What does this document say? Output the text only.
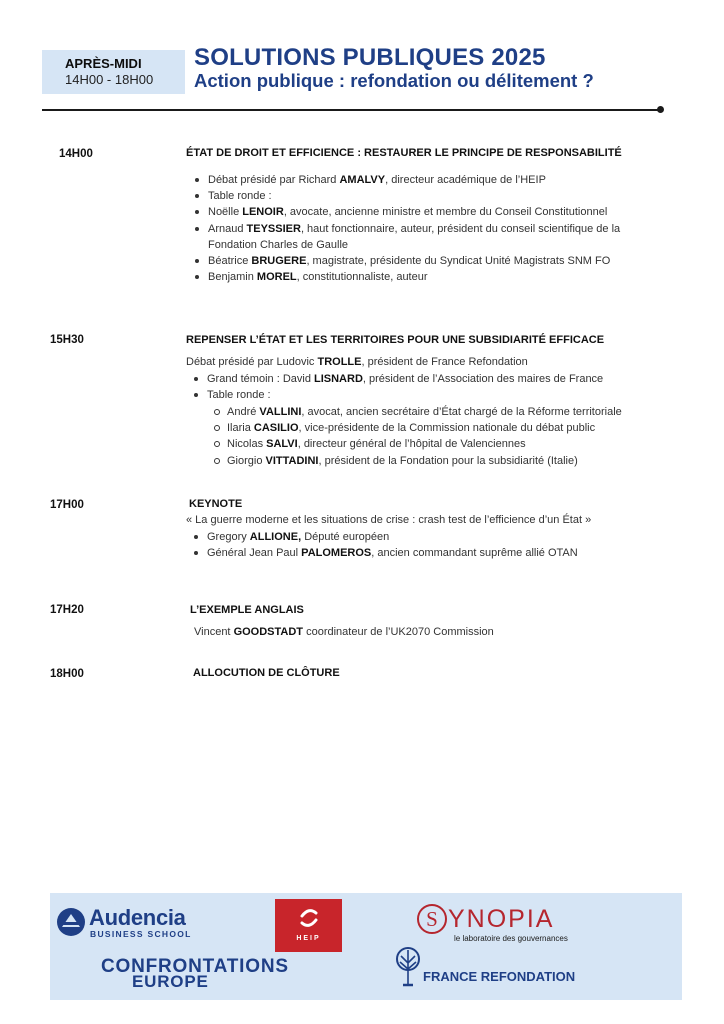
APRÈS-MIDI
14H00 - 18H00
SOLUTIONS PUBLIQUES 2025
Action publique : refondation ou délitement ?
14H00	ÉTAT DE DROIT ET EFFICIENCE : RESTAURER LE PRINCIPE DE RESPONSABILITÉ
Débat présidé par Richard AMALVY, directeur académique de l’HEIP
Table ronde :
Noëlle LENOIR, avocate, ancienne ministre et membre du Conseil Constitutionnel
Arnaud TEYSSIER, haut fonctionnaire, auteur, président du conseil scientifique de la Fondation Charles de Gaulle
Béatrice BRUGERE, magistrate, présidente du Syndicat Unité Magistrats SNM FO
Benjamin MOREL, constitutionnaliste, auteur
15H30	REPENSER L’ÉTAT ET LES TERRITOIRES POUR UNE SUBSIDIARITÉ EFFICACE
Débat présidé par Ludovic TROLLE, président de France Refondation
Grand témoin : David LISNARD, président de l’Association des maires de France
Table ronde :
André VALLINI, avocat, ancien secrétaire d’État chargé de la Réforme territoriale
Ilaria CASILIO, vice-présidente de la Commission nationale du débat public
Nicolas SALVI, directeur général de l’hôpital de Valenciennes
Giorgio VITTADINI, président de la Fondation pour la subsidiarité (Italie)
17H00	KEYNOTE
« La guerre moderne et les situations de crise : crash test de l’efficience d’un État »
Gregory ALLIONE, Député européen
Général Jean Paul PALOMEROS, ancien commandant suprême allié OTAN
17H20	L’EXEMPLE ANGLAIS
Vincent GOODSTADT coordinateur de l’UK2070 Commission
18H00	ALLOCUTION DE CLÔTURE
Audencia
BUSINESS SCHOOL	HEIP
S YNOPIA
le laboratoire des gouvernances
CONFRONTATIONS
EUROPE	FRANCE REFONDATION
